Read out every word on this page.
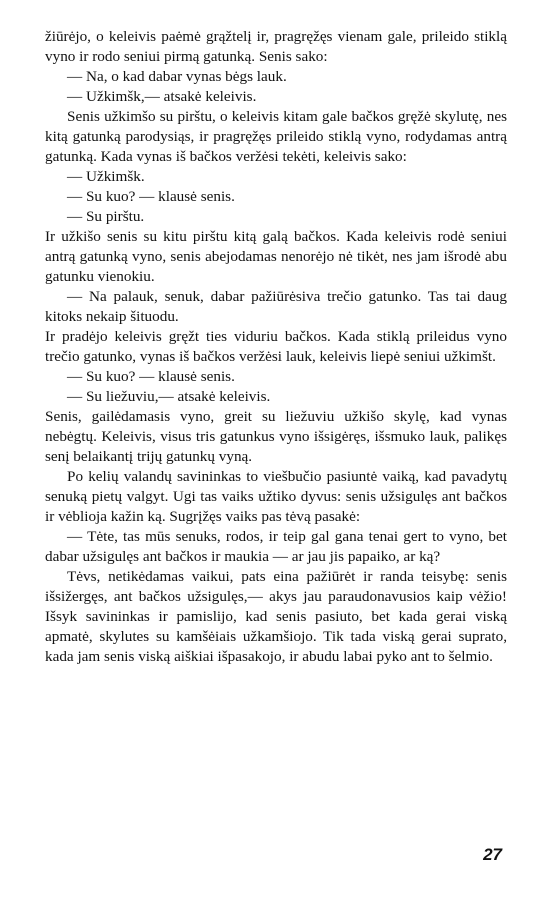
žiūrėjo, o keleivis paėmė grąžtelį ir, pragręžęs vienam gale, prileido stiklą vyno ir rodo seniui pirmą gatunką. Senis sako:

— Na, o kad dabar vynas bėgs lauk.

— Užkimšk,— atsakė keleivis.

Senis užkimšo su pirštu, o keleivis kitam gale bačkos gręžė skylutę, nes kitą gatunką parodysiąs, ir pragręžęs prileido stiklą vyno, rodydamas antrą gatunką. Kada vynas iš bačkos veržėsi tekėti, keleivis sako:

— Užkimšk.

— Su kuo? — klausė senis.

— Su pirštu.

Ir užkišo senis su kitu pirštu kitą galą bačkos. Kada keleivis rodė seniui antrą gatunką vyno, senis abejodamas nenorėjo nė tikėt, nes jam išrodė abu gatunku vienokiu.

— Na palauk, senuk, dabar pažiūrėsiva trečio gatunko. Tas tai daug kitoks nekaip šituodu.

Ir pradėjo keleivis gręžt ties viduriu bačkos. Kada stiklą prileidus vyno trečio gatunko, vynas iš bačkos veržėsi lauk, keleivis liepė seniui užkimšt.

— Su kuo? — klausė senis.

— Su liežuviu,— atsakė keleivis.

Senis, gailėdamasis vyno, greit su liežuviu užkišo skylę, kad vynas nebėgtų. Keleivis, visus tris gatunkus vyno išsigėręs, išsmuko lauk, palikęs senį belaikantį trijų gatunkų vyną.

Po kelių valandų savininkas to viešbučio pasiuntė vaiką, kad pavadytų senuką pietų valgyt. Ugi tas vaiks užtiko dyvus: senis užsigulęs ant bačkos ir vėblioja kažin ką. Sugrįžęs vaiks pas tėvą pasakė:

— Tėte, tas mūs senuks, rodos, ir teip gal gana tenai gert to vyno, bet dabar užsigulęs ant bačkos ir maukia — ar jau jis papaiko, ar ką?

Tėvs, netikėdamas vaikui, pats eina pažiūrėt ir randa teisybę: senis išsižergęs, ant bačkos užsigulęs,— akys jau paraudonavusios kaip vėžio! Išsyk savininkas ir pamislijo, kad senis pasiuto, bet kada gerai viską apmatė, skylutes su kamšėiais užkamšiojo. Tik tada viską gerai suprato, kada jam senis viską aiškiai išpasakojo, ir abudu labai pyko ant to šelmio.

27
